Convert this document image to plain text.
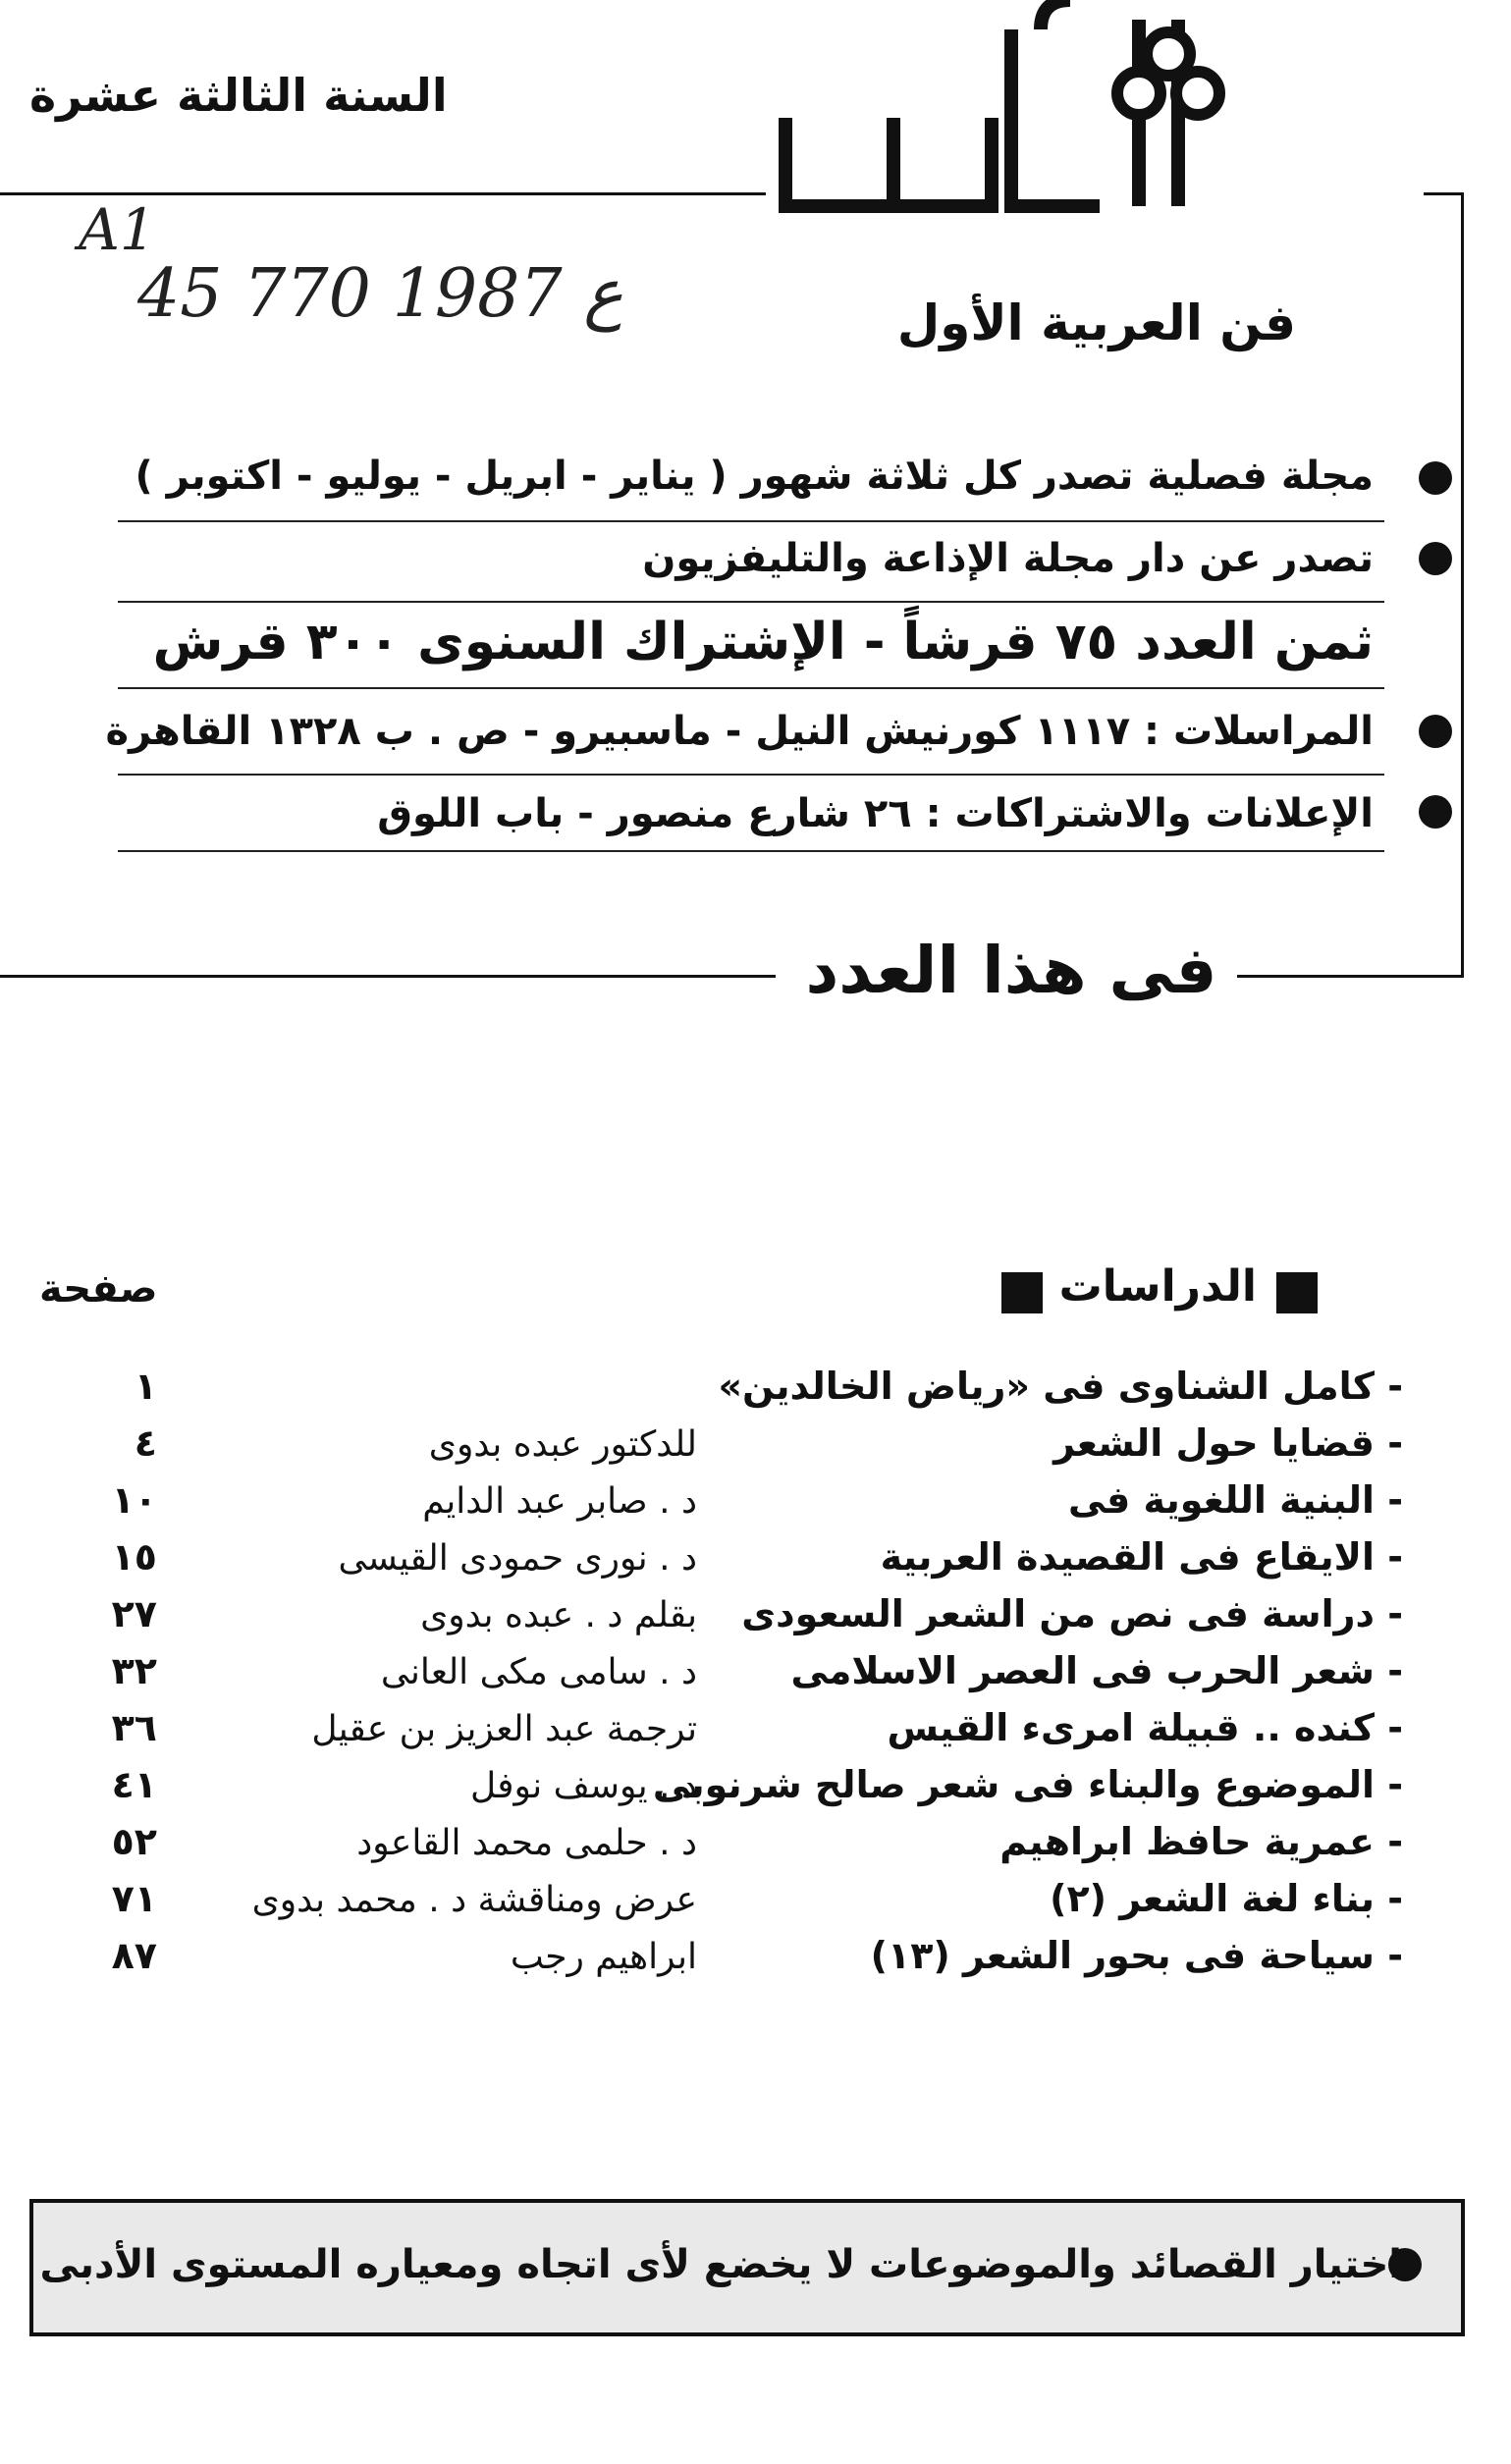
السنة الثالثة عشرة
الشعر
A1
45 ع 1987 770	فن العربية الأول
مجلة فصلية تصدر كل ثلاثة شهور ( يناير - ابريل - يوليو - اكتوبر )
تصدر عن دار مجلة الإذاعة والتليفزيون
ثمن العدد ٧٥ قرشاً - الإشتراك السنوى ٣٠٠ قرش
المراسلات : ١١١٧ كورنيش النيل - ماسبيرو - ص . ب ١٣٢٨ القاهرة
الإعلانات والاشتراكات : ٢٦ شارع منصور - باب اللوق
فى هذا العدد
صفحة	الدراسات
- كامل الشناوى فى «رياض الخالدين»
١
- قضايا حول الشعر
للدكتور عبده بدوى
٤
- البنية اللغوية فى
د . صابر عبد الدايم
١٠
- الايقاع فى القصيدة العربية
د . نورى حمودى القيسى
١٥
- دراسة فى نص من الشعر السعودى
بقلم د . عبده بدوى
٢٧
- شعر الحرب فى العصر الاسلامى
د . سامى مكى العانى
٣٢
- كنده .. قبيلة امرىء القيس
ترجمة عبد العزيز بن عقيل
٣٦
- الموضوع والبناء فى شعر صالح شرنوبى
د . يوسف نوفل
٤١
- عمرية حافظ ابراهيم
د . حلمى محمد القاعود
٥٢
- بناء لغة الشعر (٢)
عرض ومناقشة د . محمد بدوى
٧١
- سياحة فى بحور الشعر (١٣)
ابراهيم رجب
٨٧
اختيار القصائد والموضوعات لا يخضع لأى اتجاه ومعياره المستوى الأدبى
